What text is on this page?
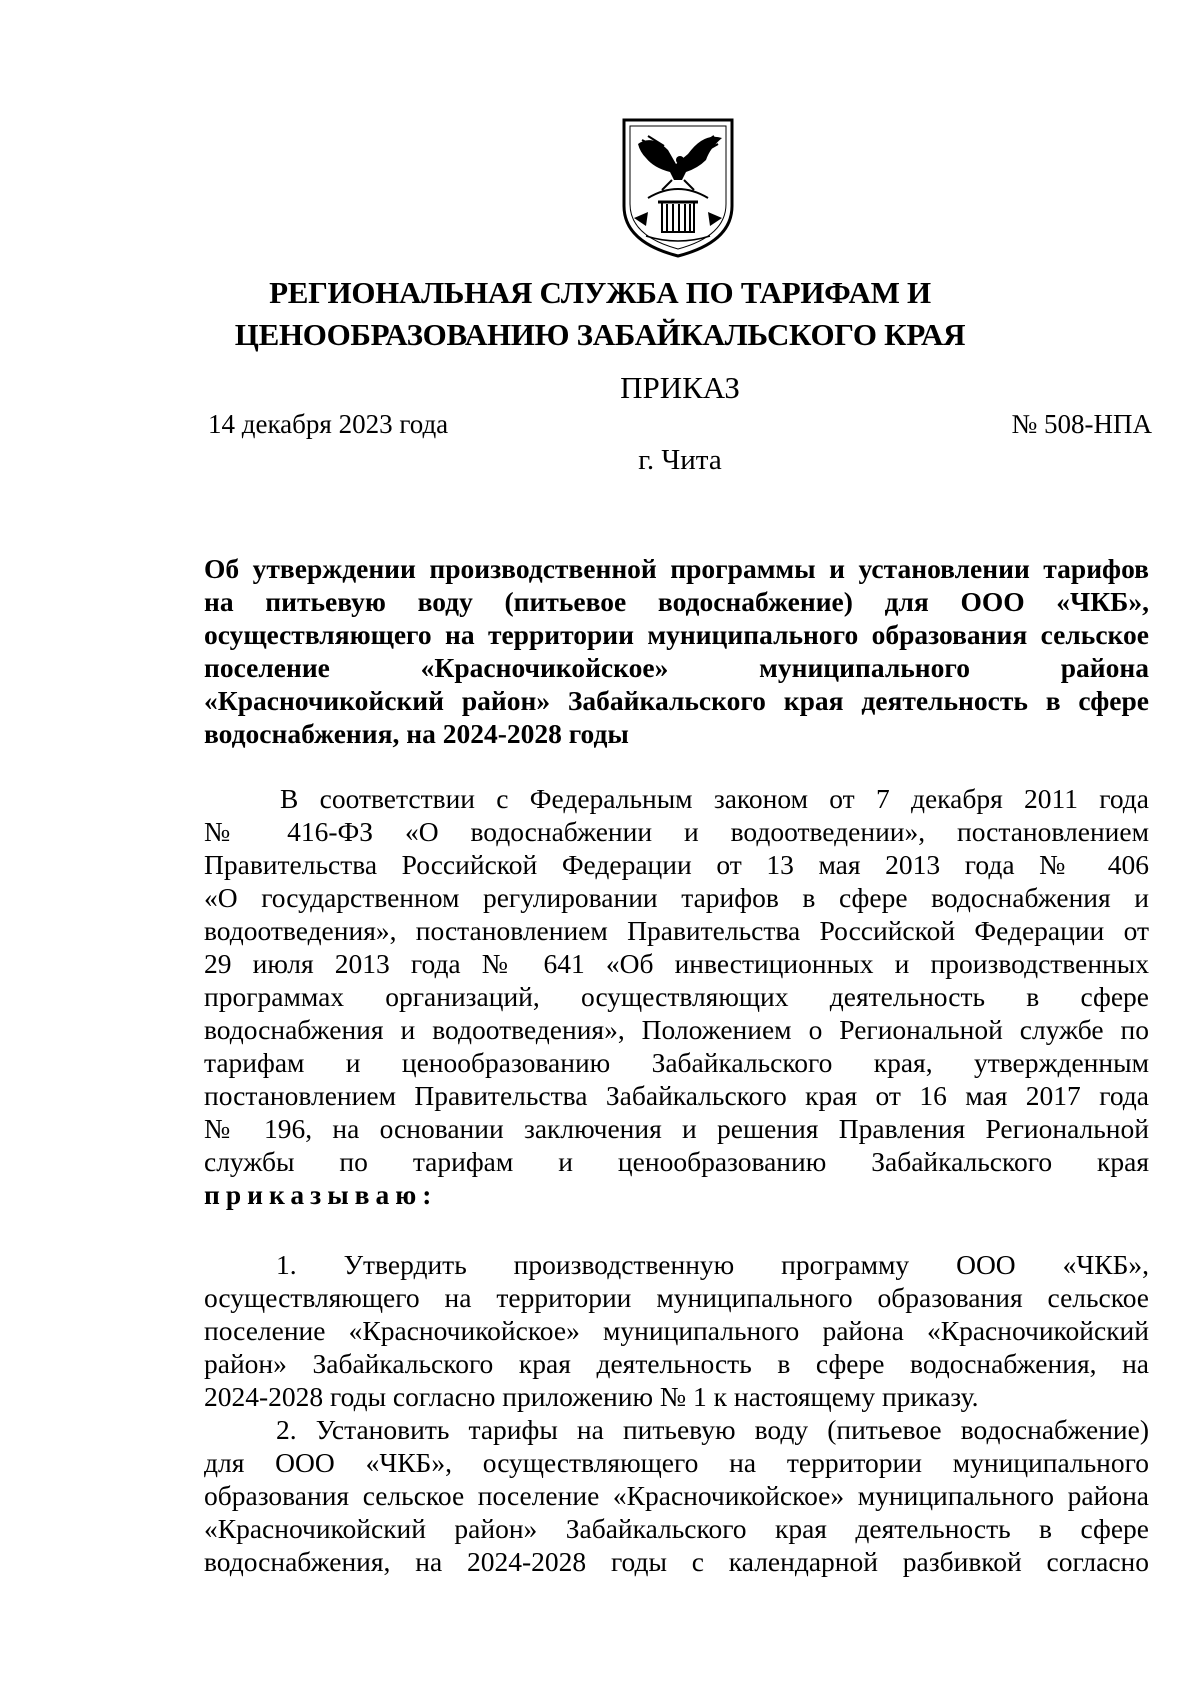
РЕГИОНАЛЬНАЯ СЛУЖБА ПО ТАРИФАМ И
ЦЕНООБРАЗОВАНИЮ ЗАБАЙКАЛЬСКОГО КРАЯ
ПРИКАЗ
14 декабря 2023 года	№ 508-НПА
г. Чита
Об утверждении производственной программы и установлении тарифов
на питьевую воду (питьевое водоснабжение) для ООО «ЧКБ»,
осуществляющего на территории муниципального образования сельское
поселение «Красночикойское» муниципального района
«Красночикойский район» Забайкальского края деятельность в сфере
водоснабжения, на 2024-2028 годы
В соответствии с Федеральным законом от 7 декабря 2011 года
№ 416-ФЗ «О водоснабжении и водоотведении», постановлением
Правительства Российской Федерации от 13 мая 2013 года № 406
«О государственном регулировании тарифов в сфере водоснабжения и
водоотведения», постановлением Правительства Российской Федерации от
29 июля 2013 года № 641 «Об инвестиционных и производственных
программах организаций, осуществляющих деятельность в сфере
водоснабжения и водоотведения», Положением о Региональной службе по
тарифам и ценообразованию Забайкальского края, утвержденным
постановлением Правительства Забайкальского края от 16 мая 2017 года
№ 196, на основании заключения и решения Правления Региональной
службы по тарифам и ценообразованию Забайкальского края
приказываю:
1. Утвердить производственную программу ООО «ЧКБ»,
осуществляющего на территории муниципального образования сельское
поселение «Красночикойское» муниципального района «Красночикойский
район» Забайкальского края деятельность в сфере водоснабжения, на
2024-2028 годы согласно приложению № 1 к настоящему приказу.
2. Установить тарифы на питьевую воду (питьевое водоснабжение)
для ООО «ЧКБ», осуществляющего на территории муниципального
образования сельское поселение «Красночикойское» муниципального района
«Красночикойский район» Забайкальского края деятельность в сфере
водоснабжения, на 2024-2028 годы с календарной разбивкой согласно
